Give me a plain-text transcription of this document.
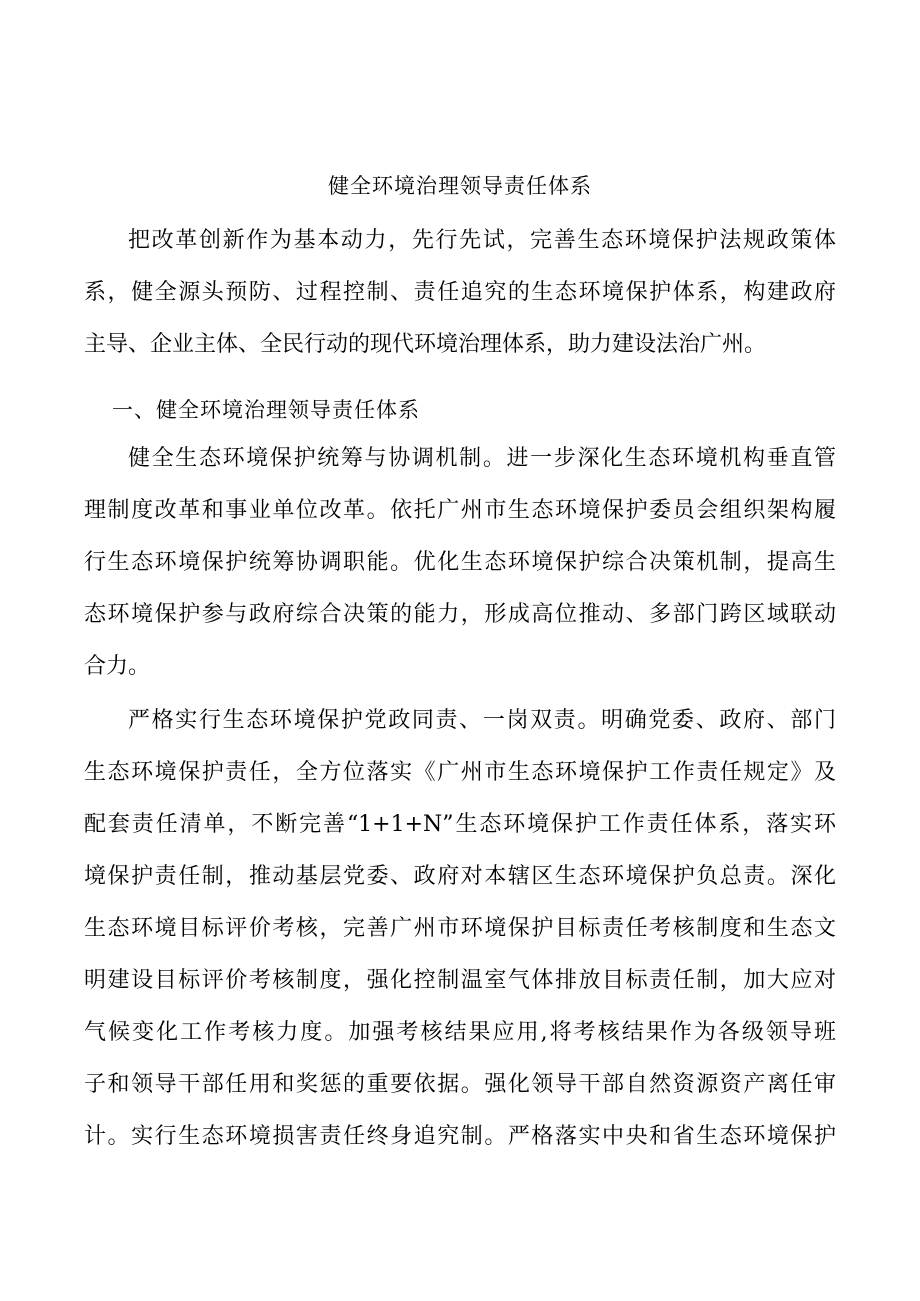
健全环境治理领导责任体系
把改革创新作为基本动力，先行先试，完善生态环境保护法规政策体
系，健全源头预防、过程控制、责任追究的生态环境保护体系，构建政府
主导、企业主体、全民行动的现代环境治理体系，助力建设法治广州。
一、健全环境治理领导责任体系
健全生态环境保护统筹与协调机制。进一步深化生态环境机构垂直管
理制度改革和事业单位改革。依托广州市生态环境保护委员会组织架构履
行生态环境保护统筹协调职能。优化生态环境保护综合决策机制，提高生
态环境保护参与政府综合决策的能力，形成高位推动、多部门跨区域联动
合力。
严格实行生态环境保护党政同责、一岗双责。明确党委、政府、部门
生态环境保护责任，全方位落实《广州市生态环境保护工作责任规定》及
配套责任清单，不断完善“1+1+N”生态环境保护工作责任体系，落实环
境保护责任制，推动基层党委、政府对本辖区生态环境保护负总责。深化
生态环境目标评价考核，完善广州市环境保护目标责任考核制度和生态文
明建设目标评价考核制度，强化控制温室气体排放目标责任制，加大应对
气候变化工作考核力度。加强考核结果应用,将考核结果作为各级领导班
子和领导干部任用和奖惩的重要依据。强化领导干部自然资源资产离任审
计。实行生态环境损害责任终身追究制。严格落实中央和省生态环境保护
